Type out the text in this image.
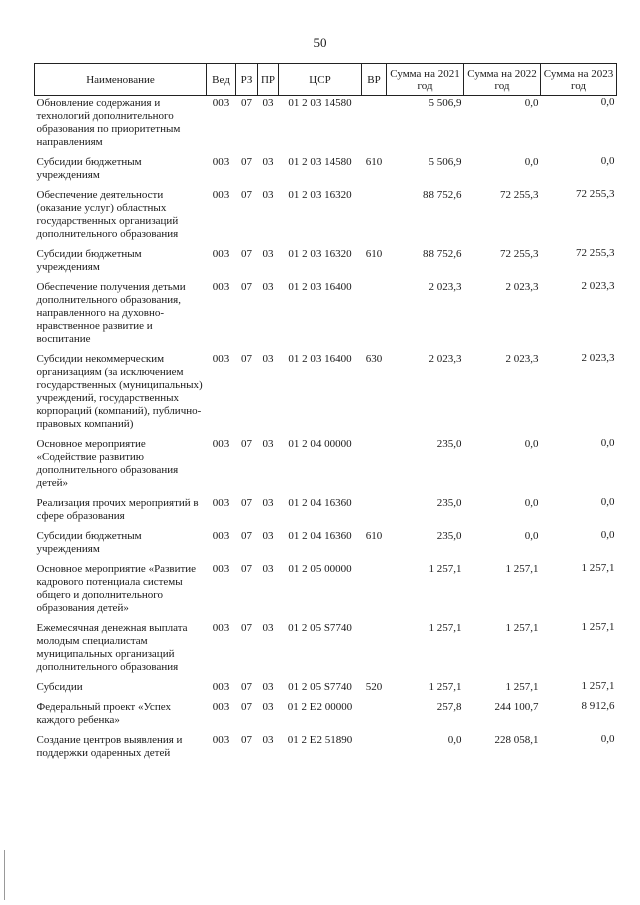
50
Наименование	Вед	РЗ	ПР	ЦСР	ВР	Сумма на 2021 год	Сумма на 2022 год	Сумма на 2023 год
Обновление содержания и технологий дополнительного образования по приоритетным направлениям	003	07	03	01 2 03 14580		5 506,9	0,0	0,0
Субсидии бюджетным учреждениям	003	07	03	01 2 03 14580	610	5 506,9	0,0	0,0
Обеспечение деятельности (оказание услуг) областных государственных организаций дополнительного образования	003	07	03	01 2 03 16320		88 752,6	72 255,3	72 255,3
Субсидии бюджетным учреждениям	003	07	03	01 2 03 16320	610	88 752,6	72 255,3	72 255,3
Обеспечение получения детьми дополнительного образования, направленного на духовно-нравственное развитие и воспитание	003	07	03	01 2 03 16400		2 023,3	2 023,3	2 023,3
Субсидии некоммерческим организациям (за исключением государственных (муниципальных) учреждений, государственных корпораций (компаний), публично-правовых компаний)	003	07	03	01 2 03 16400	630	2 023,3	2 023,3	2 023,3
Основное мероприятие «Содействие развитию дополнительного образования детей»	003	07	03	01 2 04 00000		235,0	0,0	0,0
Реализация прочих мероприятий в сфере образования	003	07	03	01 2 04 16360		235,0	0,0	0,0
Субсидии бюджетным учреждениям	003	07	03	01 2 04 16360	610	235,0	0,0	0,0
Основное мероприятие «Развитие кадрового потенциала системы общего и дополнительного образования детей»	003	07	03	01 2 05 00000		1 257,1	1 257,1	1 257,1
Ежемесячная денежная выплата молодым специалистам муниципальных организаций дополнительного образования	003	07	03	01 2 05 S7740		1 257,1	1 257,1	1 257,1
Субсидии	003	07	03	01 2 05 S7740	520	1 257,1	1 257,1	1 257,1
Федеральный проект «Успех каждого ребенка»	003	07	03	01 2 E2 00000		257,8	244 100,7	8 912,6
Создание центров выявления и поддержки одаренных детей	003	07	03	01 2 E2 51890		0,0	228 058,1	0,0
